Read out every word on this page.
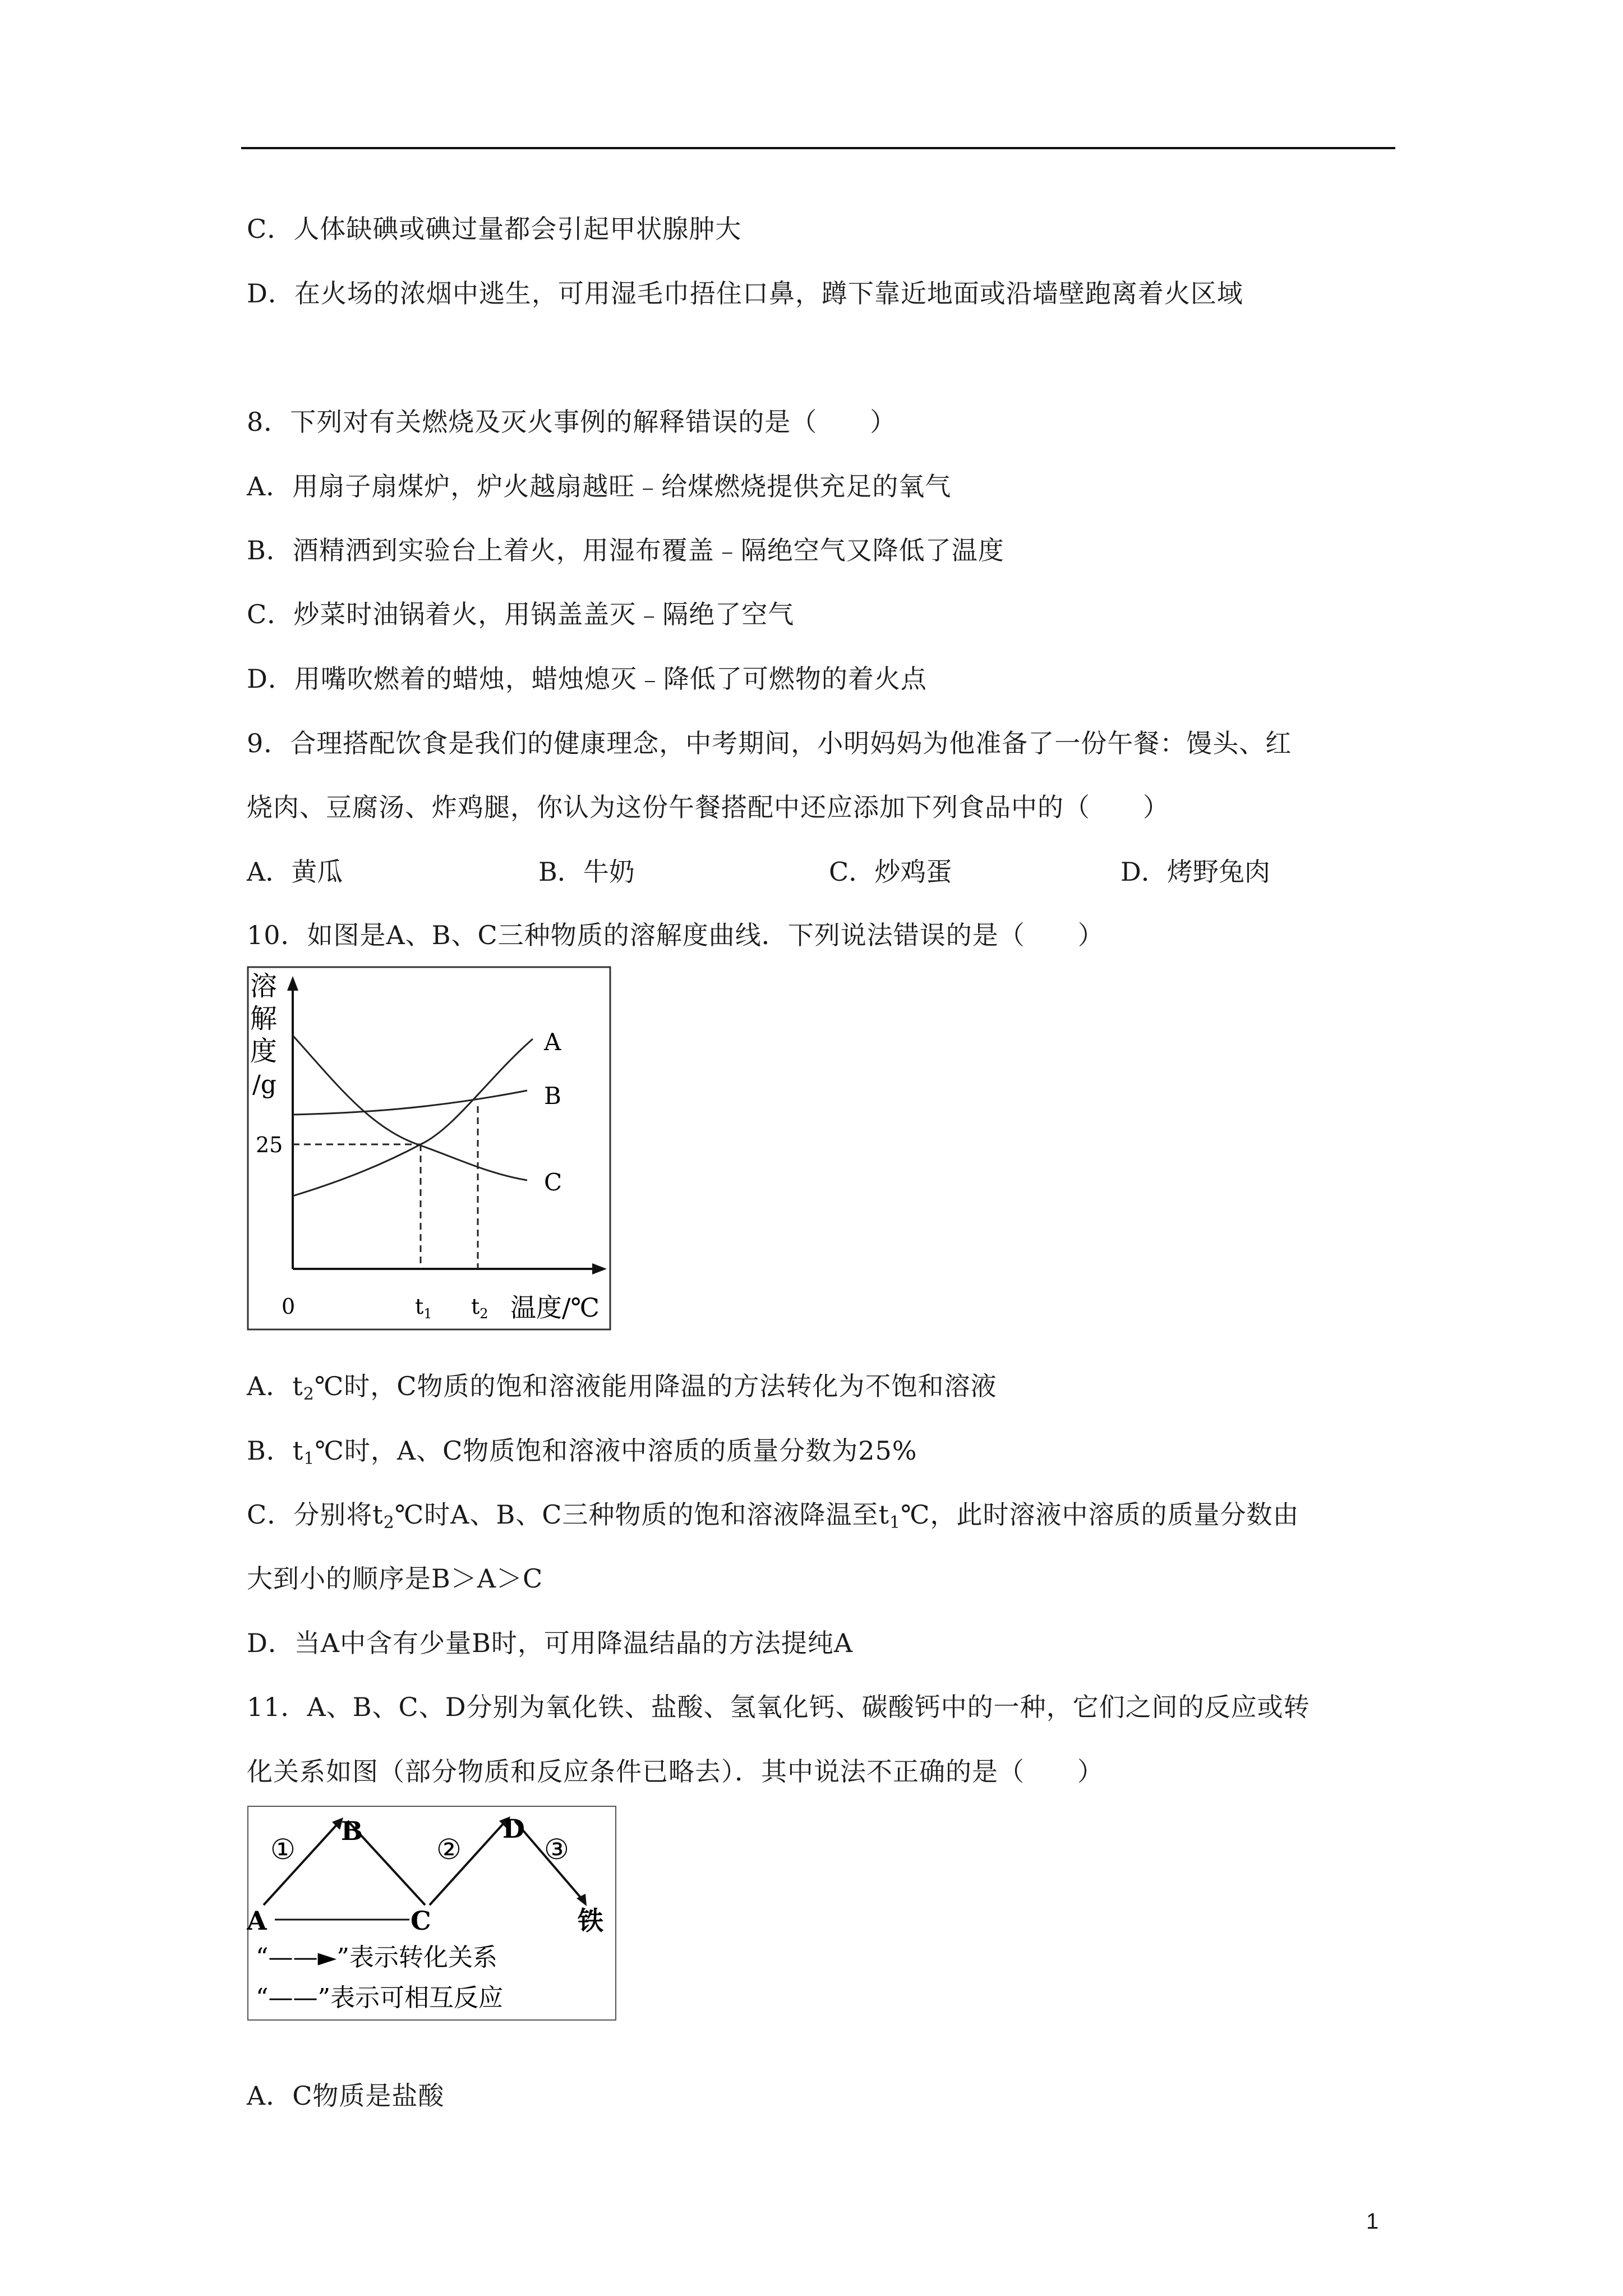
C．人体缺碘或碘过量都会引起甲状腺肿大
D．在火场的浓烟中逃生，可用湿毛巾捂住口鼻，蹲下靠近地面或沿墙壁跑离着火区域
8．下列对有关燃烧及灭火事例的解释错误的是（　　）
A．用扇子扇煤炉，炉火越扇越旺﹣给煤燃烧提供充足的氧气
B．酒精洒到实验台上着火，用湿布覆盖﹣隔绝空气又降低了温度
C．炒菜时油锅着火，用锅盖盖灭﹣隔绝了空气
D．用嘴吹燃着的蜡烛，蜡烛熄灭﹣降低了可燃物的着火点
9．合理搭配饮食是我们的健康理念，中考期间，小明妈妈为他准备了一份午餐：馒头、红
烧肉、豆腐汤、炸鸡腿，你认为这份午餐搭配中还应添加下列食品中的（　　）
A．黄瓜	B．牛奶	C．炒鸡蛋	D．烤野兔肉
10．如图是A、B、C三种物质的溶解度曲线．下列说法错误的是（　　）
溶
解
度
/g
25
A
B
C
0	$t_1$ $t_2$ 温度/℃
A．$t_2℃$时，C物质的饱和溶液能用降温的方法转化为不饱和溶液
B．$t_1℃$时，A、C物质饱和溶液中溶质的质量分数为25%
C．分别将$t_2℃$时A、B、C三种物质的饱和溶液降温至$t_1℃$，此时溶液中溶质的质量分数由
大到小的顺序是B＞A＞C
D．当A中含有少量B时，可用降温结晶的方法提纯A
11．A、B、C、D分别为氧化铁、盐酸、氢氧化钙、碳酸钙中的一种，它们之间的反应或转
化关系如图（部分物质和反应条件已略去）．其中说法不正确的是（　　）
A
B
C
D
铁
①	②	③
“——►”表示转化关系
“——”表示可相互反应
A．C物质是盐酸
1
